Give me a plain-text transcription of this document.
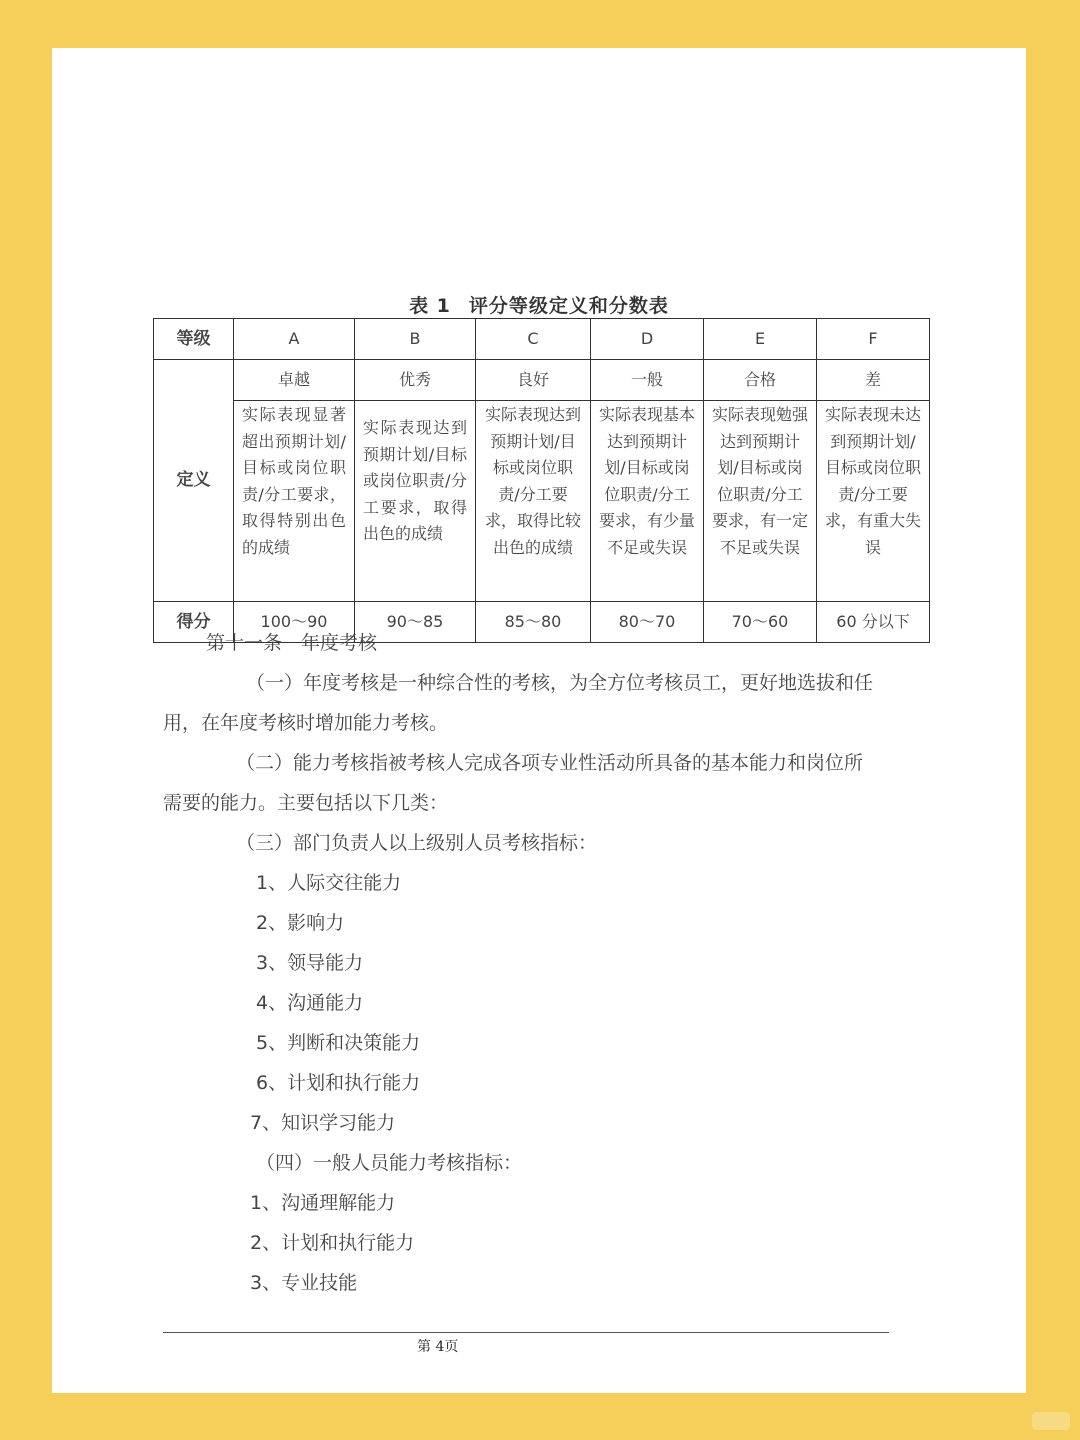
表 1 评分等级定义和分数表
等级	A	B	C	D	E	F
定义	卓越	优秀	良好	一般	合格	差
	实际表现显著超出预期计划/目标或岗位职责/分工要求，取得特别出色的成绩	实际表现达到预期计划/目标或岗位职责/分工要求，取得出色的成绩	实际表现达到预期计划/目标或岗位职责/分工要求，取得比较出色的成绩	实际表现基本达到预期计划/目标或岗位职责/分工要求，有少量不足或失误	实际表现勉强达到预期计划/目标或岗位职责/分工要求，有一定不足或失误	实际表现未达到预期计划/目标或岗位职责/分工要求，有重大失误
得分	100～90	90～85	85～80	80～70	70～60	60 分以下
第十一条　年度考核
（一）年度考核是一种综合性的考核，为全方位考核员工，更好地选拔和任
用，在年度考核时增加能力考核。
（二）能力考核指被考核人完成各项专业性活动所具备的基本能力和岗位所
需要的能力。主要包括以下几类：
（三）部门负责人以上级别人员考核指标：
1、人际交往能力
2、影响力
3、领导能力
4、沟通能力
5、判断和决策能力
6、计划和执行能力
7、知识学习能力
（四）一般人员能力考核指标：
1、沟通理解能力
2、计划和执行能力
3、专业技能
第 4页
